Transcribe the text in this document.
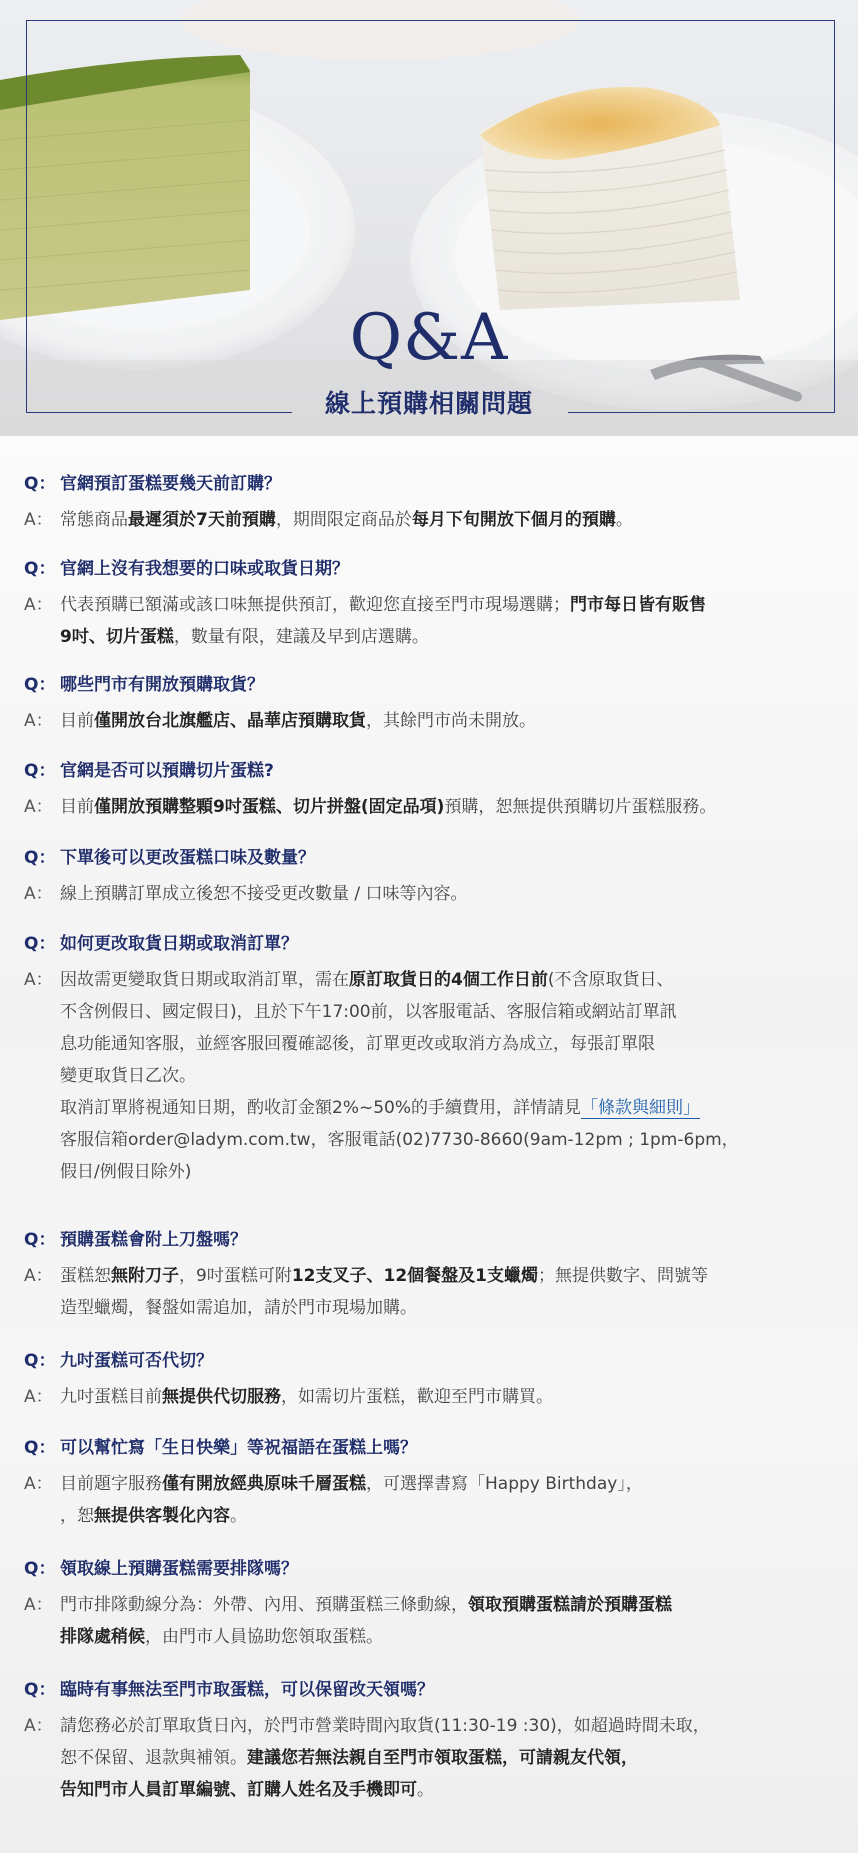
Q&A
線上預購相關問題
Q： 官網預訂蛋糕要幾天前訂購？
A： 常態商品最遲須於7天前預購，期間限定商品於每月下旬開放下個月的預購。
Q： 官網上沒有我想要的口味或取貨日期？
A： 代表預購已額滿或該口味無提供預訂，歡迎您直接至門市現場選購；門市每日皆有販售
9吋、切片蛋糕，數量有限，建議及早到店選購。
Q： 哪些門市有開放預購取貨？
A： 目前僅開放台北旗艦店、晶華店預購取貨，其餘門市尚未開放。
Q： 官網是否可以預購切片蛋糕?
A： 目前僅開放預購整顆9吋蛋糕、切片拼盤(固定品項)預購，恕無提供預購切片蛋糕服務。
Q： 下單後可以更改蛋糕口味及數量？
A： 線上預購訂單成立後恕不接受更改數量 / 口味等內容。
Q： 如何更改取貨日期或取消訂單？
A： 因故需更變取貨日期或取消訂單，需在原訂取貨日的4個工作日前(不含原取貨日、
不含例假日、國定假日)，且於下午17:00前，以客服電話、客服信箱或網站訂單訊
息功能通知客服，並經客服回覆確認後，訂單更改或取消方為成立，每張訂單限
變更取貨日乙次。
取消訂單將視通知日期，酌收訂金額2%~50%的手續費用，詳情請見「條款與細則」
客服信箱order@ladym.com.tw，客服電話(02)7730-8660(9am-12pm ; 1pm-6pm，
假日/例假日除外)
Q： 預購蛋糕會附上刀盤嗎？
A： 蛋糕恕無附刀子，9吋蛋糕可附12支叉子、12個餐盤及1支蠟燭；無提供數字、問號等
造型蠟燭，餐盤如需追加，請於門市現場加購。
Q： 九吋蛋糕可否代切？
A： 九吋蛋糕目前無提供代切服務，如需切片蛋糕，歡迎至門市購買。
Q： 可以幫忙寫「生日快樂」等祝福語在蛋糕上嗎？
A： 目前題字服務僅有開放經典原味千層蛋糕，可選擇書寫「Happy Birthday」，
，恕無提供客製化內容。
Q： 領取線上預購蛋糕需要排隊嗎？
A： 門市排隊動線分為：外帶、內用、預購蛋糕三條動線，領取預購蛋糕請於預購蛋糕
排隊處稍候，由門市人員協助您領取蛋糕。
Q： 臨時有事無法至門市取蛋糕，可以保留改天領嗎？
A： 請您務必於訂單取貨日內，於門市營業時間內取貨(11:30-19 :30)，如超過時間未取，
恕不保留、退款與補領。建議您若無法親自至門市領取蛋糕，可請親友代領，
告知門市人員訂單編號、訂購人姓名及手機即可。
